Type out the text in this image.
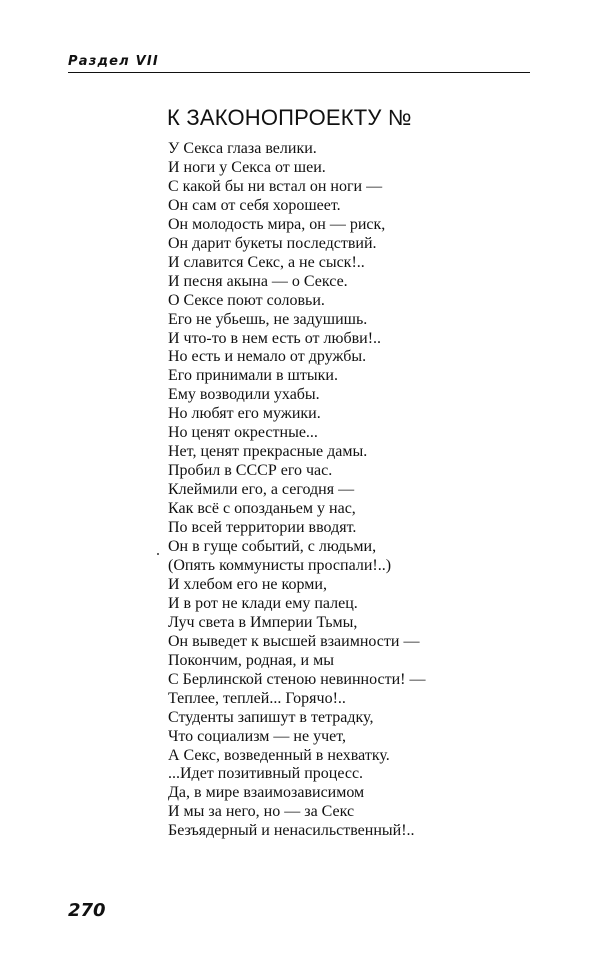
Раздел VII
К ЗАКОНОПРОЕКТУ №
У Секса глаза велики.
И ноги у Секса от шеи.
С какой бы ни встал он ноги —
Он сам от себя хорошеет.
Он молодость мира, он — риск,
Он дарит букеты последствий.
И славится Секс, а не сыск!..
И песня акына — о Сексе.
О Сексе поют соловьи.
Его не убьешь, не задушишь.
И что-то в нем есть от любви!..
Но есть и немало от дружбы.
Его принимали в штыки.
Ему возводили ухабы.
Но любят его мужики.
Но ценят окрестные...
Нет, ценят прекрасные дамы.
Пробил в СССР его час.
Клеймили его, а сегодня —
Как всё с опозданьем у нас,
По всей территории вводят.
Он в гуще событий, с людьми,
(Опять коммунисты проспали!..)
И хлебом его не корми,
И в рот не клади ему палец.
Луч света в Империи Тьмы,
Он выведет к высшей взаимности —
Покончим, родная, и мы
С Берлинской стеною невинности! —
Теплее, теплей... Горячо!..
Студенты запишут в тетрадку,
Что социализм — не учет,
А Секс, возведенный в нехватку.
...Идет позитивный процесс.
Да, в мире взаимозависимом
И мы за него, но — за Секс
Безъядерный и ненасильственный!..
270
